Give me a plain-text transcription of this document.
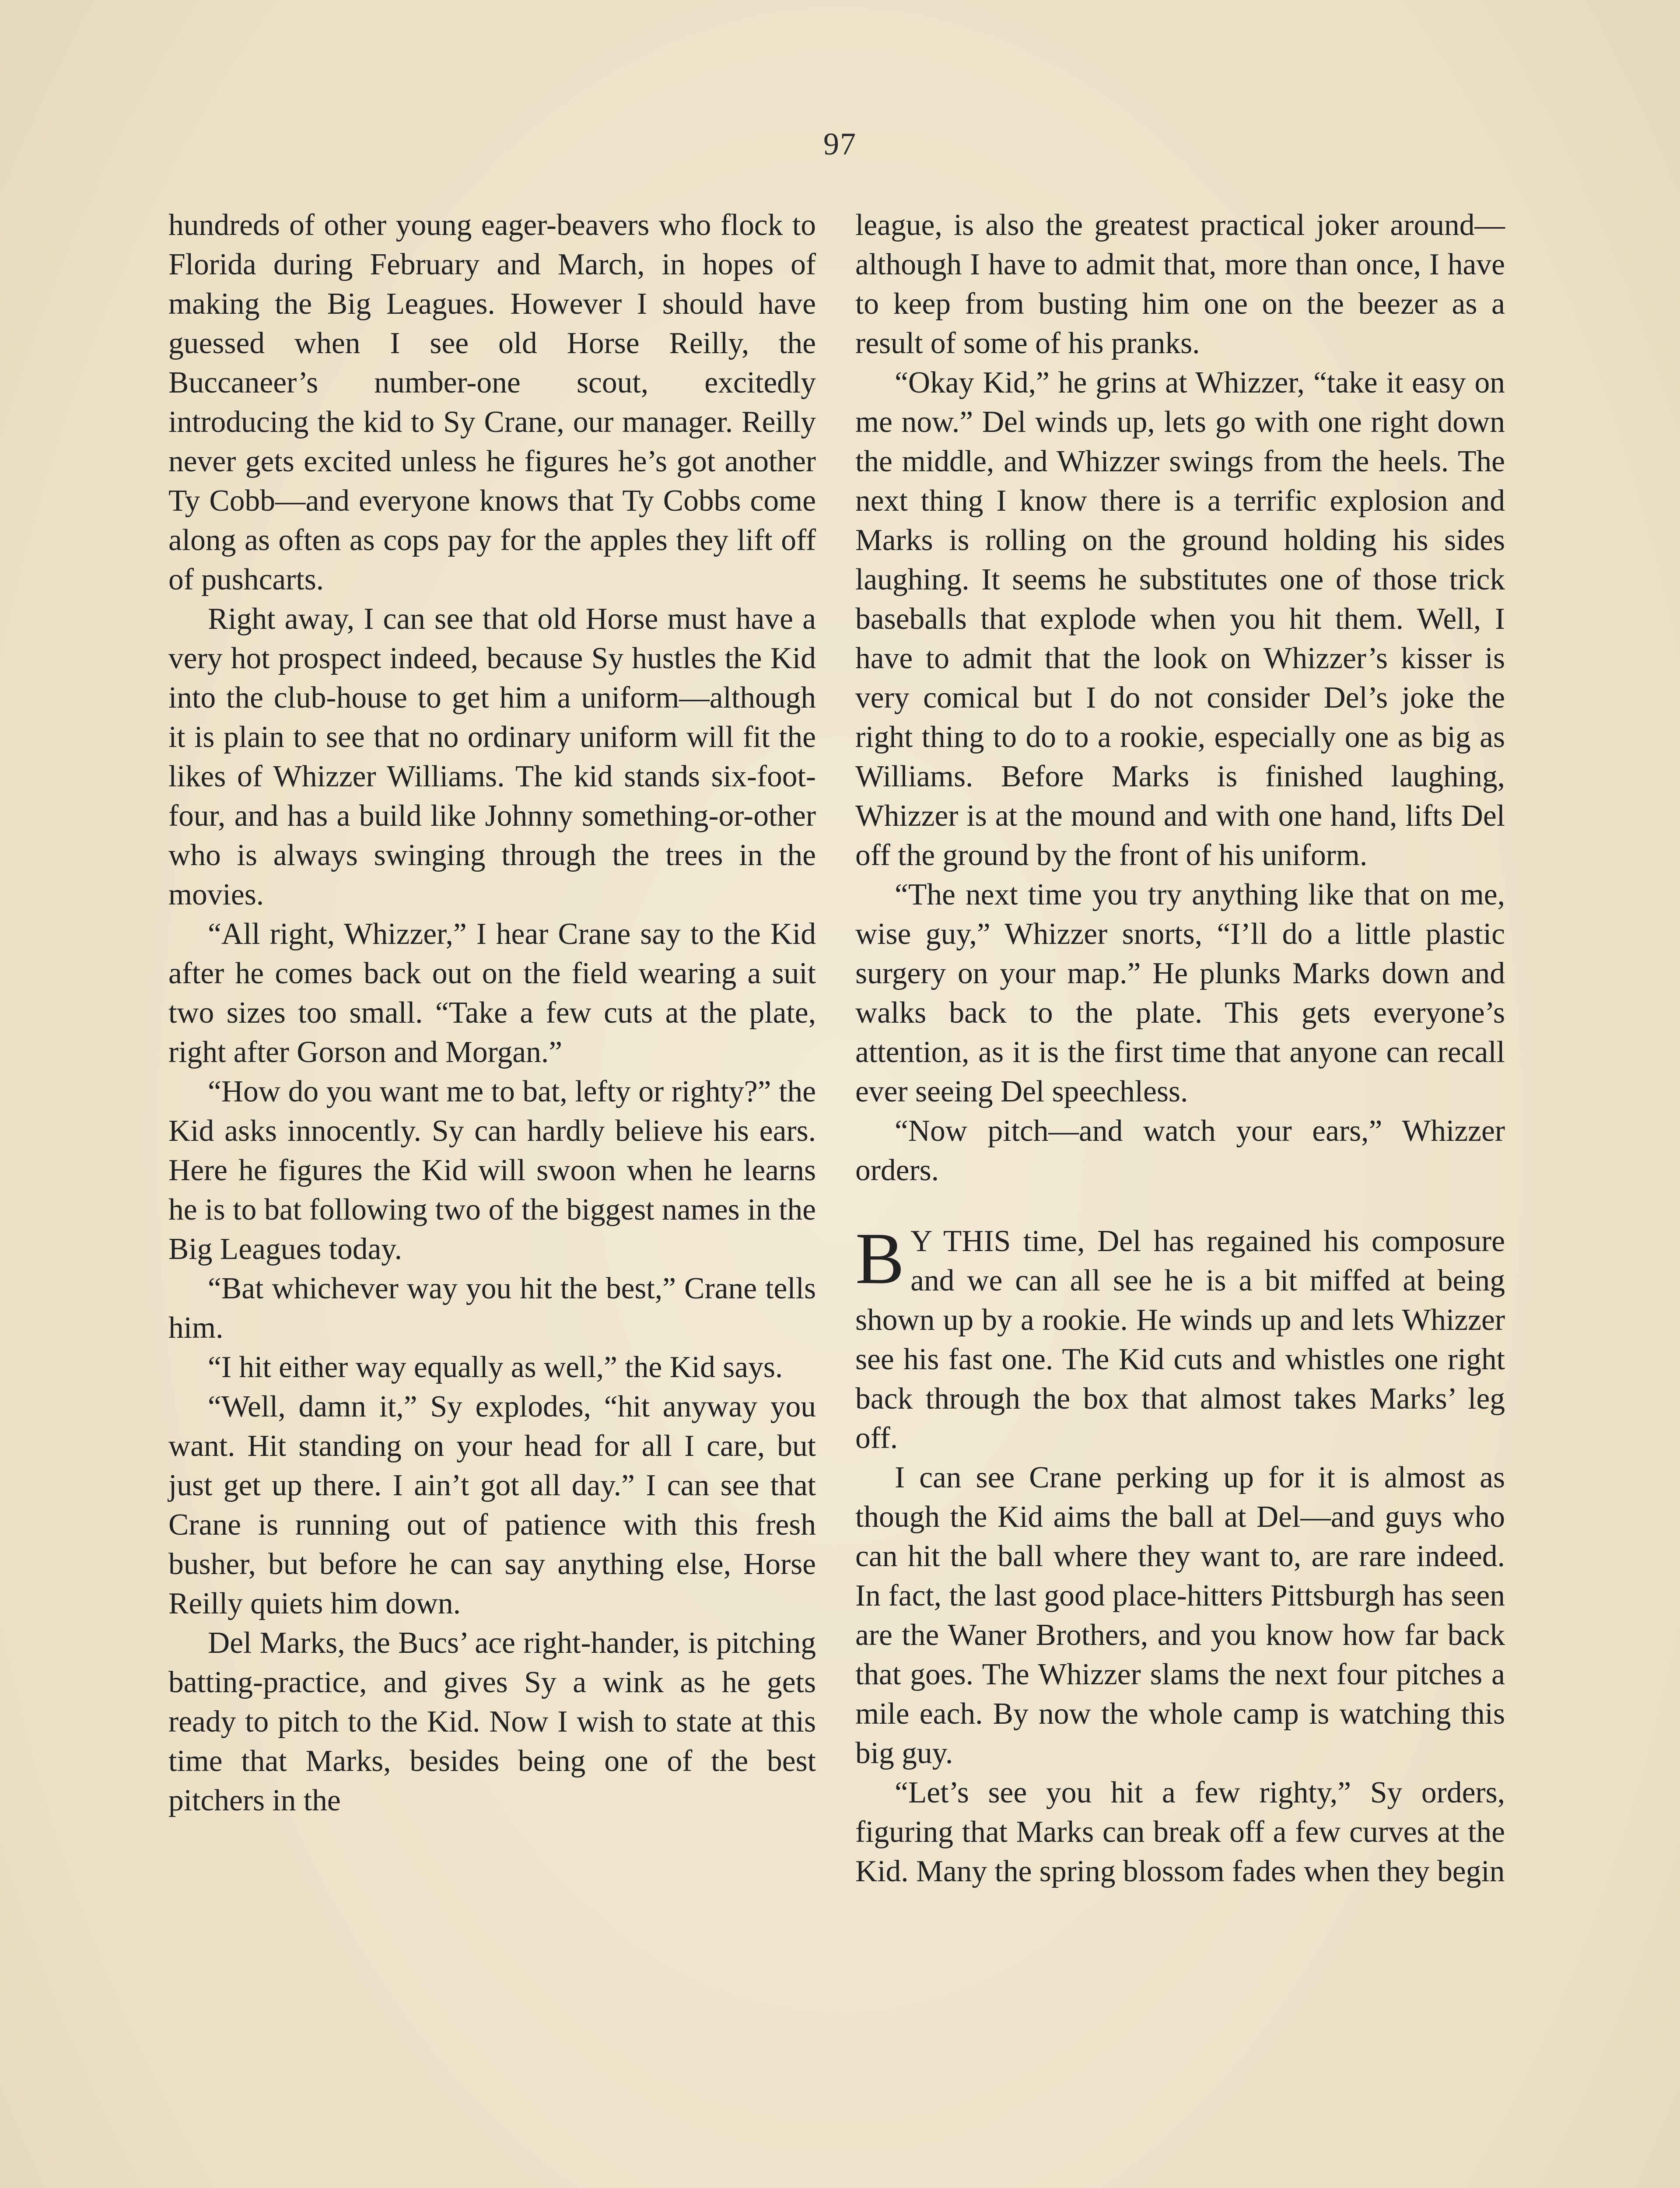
97

hundreds of other young eager-beavers who flock to Florida during February and March, in hopes of making the Big Leagues. However I should have guessed when I see old Horse Reilly, the Buccaneer’s number-one scout, excitedly introducing the kid to Sy Crane, our manager. Reilly never gets excited unless he figures he’s got another Ty Cobb—and everyone knows that Ty Cobbs come along as often as cops pay for the apples they lift off of pushcarts.

Right away, I can see that old Horse must have a very hot prospect indeed, because Sy hustles the Kid into the club-house to get him a uniform—although it is plain to see that no ordinary uniform will fit the likes of Whizzer Williams. The kid stands six-foot-four, and has a build like Johnny something-or-other who is always swinging through the trees in the movies.

“All right, Whizzer,” I hear Crane say to the Kid after he comes back out on the field wearing a suit two sizes too small. “Take a few cuts at the plate, right after Gorson and Morgan.”

“How do you want me to bat, lefty or righty?” the Kid asks innocently. Sy can hardly believe his ears. Here he figures the Kid will swoon when he learns he is to bat following two of the biggest names in the Big Leagues today.

“Bat whichever way you hit the best,” Crane tells him.

“I hit either way equally as well,” the Kid says.

“Well, damn it,” Sy explodes, “hit anyway you want. Hit standing on your head for all I care, but just get up there. I ain’t got all day.” I can see that Crane is running out of patience with this fresh busher, but before he can say anything else, Horse Reilly quiets him down.

Del Marks, the Bucs’ ace right-hander, is pitching batting-practice, and gives Sy a wink as he gets ready to pitch to the Kid. Now I wish to state at this time that Marks, besides being one of the best pitchers in the

league, is also the greatest practical joker around—although I have to admit that, more than once, I have to keep from busting him one on the beezer as a result of some of his pranks.

“Okay Kid,” he grins at Whizzer, “take it easy on me now.” Del winds up, lets go with one right down the middle, and Whizzer swings from the heels. The next thing I know there is a terrific explosion and Marks is rolling on the ground holding his sides laughing. It seems he substitutes one of those trick baseballs that explode when you hit them. Well, I have to admit that the look on Whizzer’s kisser is very comical but I do not consider Del’s joke the right thing to do to a rookie, especially one as big as Williams. Before Marks is finished laughing, Whizzer is at the mound and with one hand, lifts Del off the ground by the front of his uniform.

“The next time you try anything like that on me, wise guy,” Whizzer snorts, “I’ll do a little plastic surgery on your map.” He plunks Marks down and walks back to the plate. This gets everyone’s attention, as it is the first time that anyone can recall ever seeing Del speechless.

“Now pitch—and watch your ears,” Whizzer orders.

B Y THIS time, Del has regained his composure and we can all see he is a bit miffed at being shown up by a rookie. He winds up and lets Whizzer see his fast one. The Kid cuts and whistles one right back through the box that almost takes Marks’ leg off.

I can see Crane perking up for it is almost as though the Kid aims the ball at Del—and guys who can hit the ball where they want to, are rare indeed. In fact, the last good place-hitters Pittsburgh has seen are the Waner Brothers, and you know how far back that goes. The Whizzer slams the next four pitches a mile each. By now the whole camp is watching this big guy.

“Let’s see you hit a few righty,” Sy orders, figuring that Marks can break off a few curves at the Kid. Many the spring blossom fades when they begin
